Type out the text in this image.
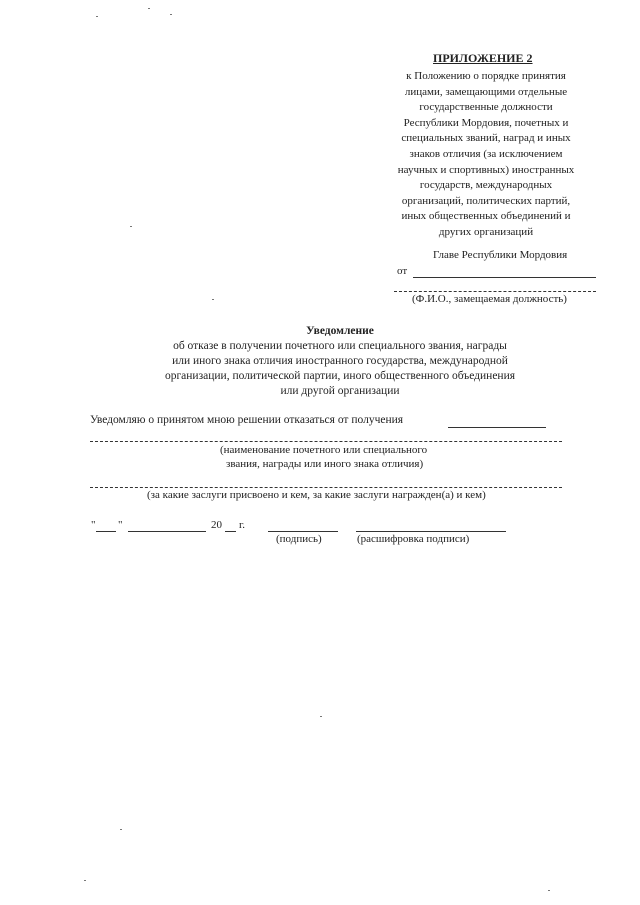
ПРИЛОЖЕНИЕ 2
к Положению о порядке принятия
лицами, замещающими отдельные
государственные должности
Республики Мордовия, почетных и
специальных званий, наград и иных
знаков отличия (за исключением
научных и спортивных) иностранных
государств, международных
организаций, политических партий,
иных общественных объединений и
других организаций
Главе Республики Мордовия
от
(Ф.И.О., замещаемая должность)
Уведомление
об отказе в получении почетного или специального звания, награды
или иного знака отличия иностранного государства, международной
организации, политической партии, иного общественного объединения
или другой организации
Уведомляю о принятом мною решении отказаться от получения
(наименование почетного или специального
звания, награды или иного знака отличия)
(за какие заслуги присвоено и кем, за какие заслуги награжден(а) и кем)
" "	20 г.
(подпись)	(расшифровка подписи)
